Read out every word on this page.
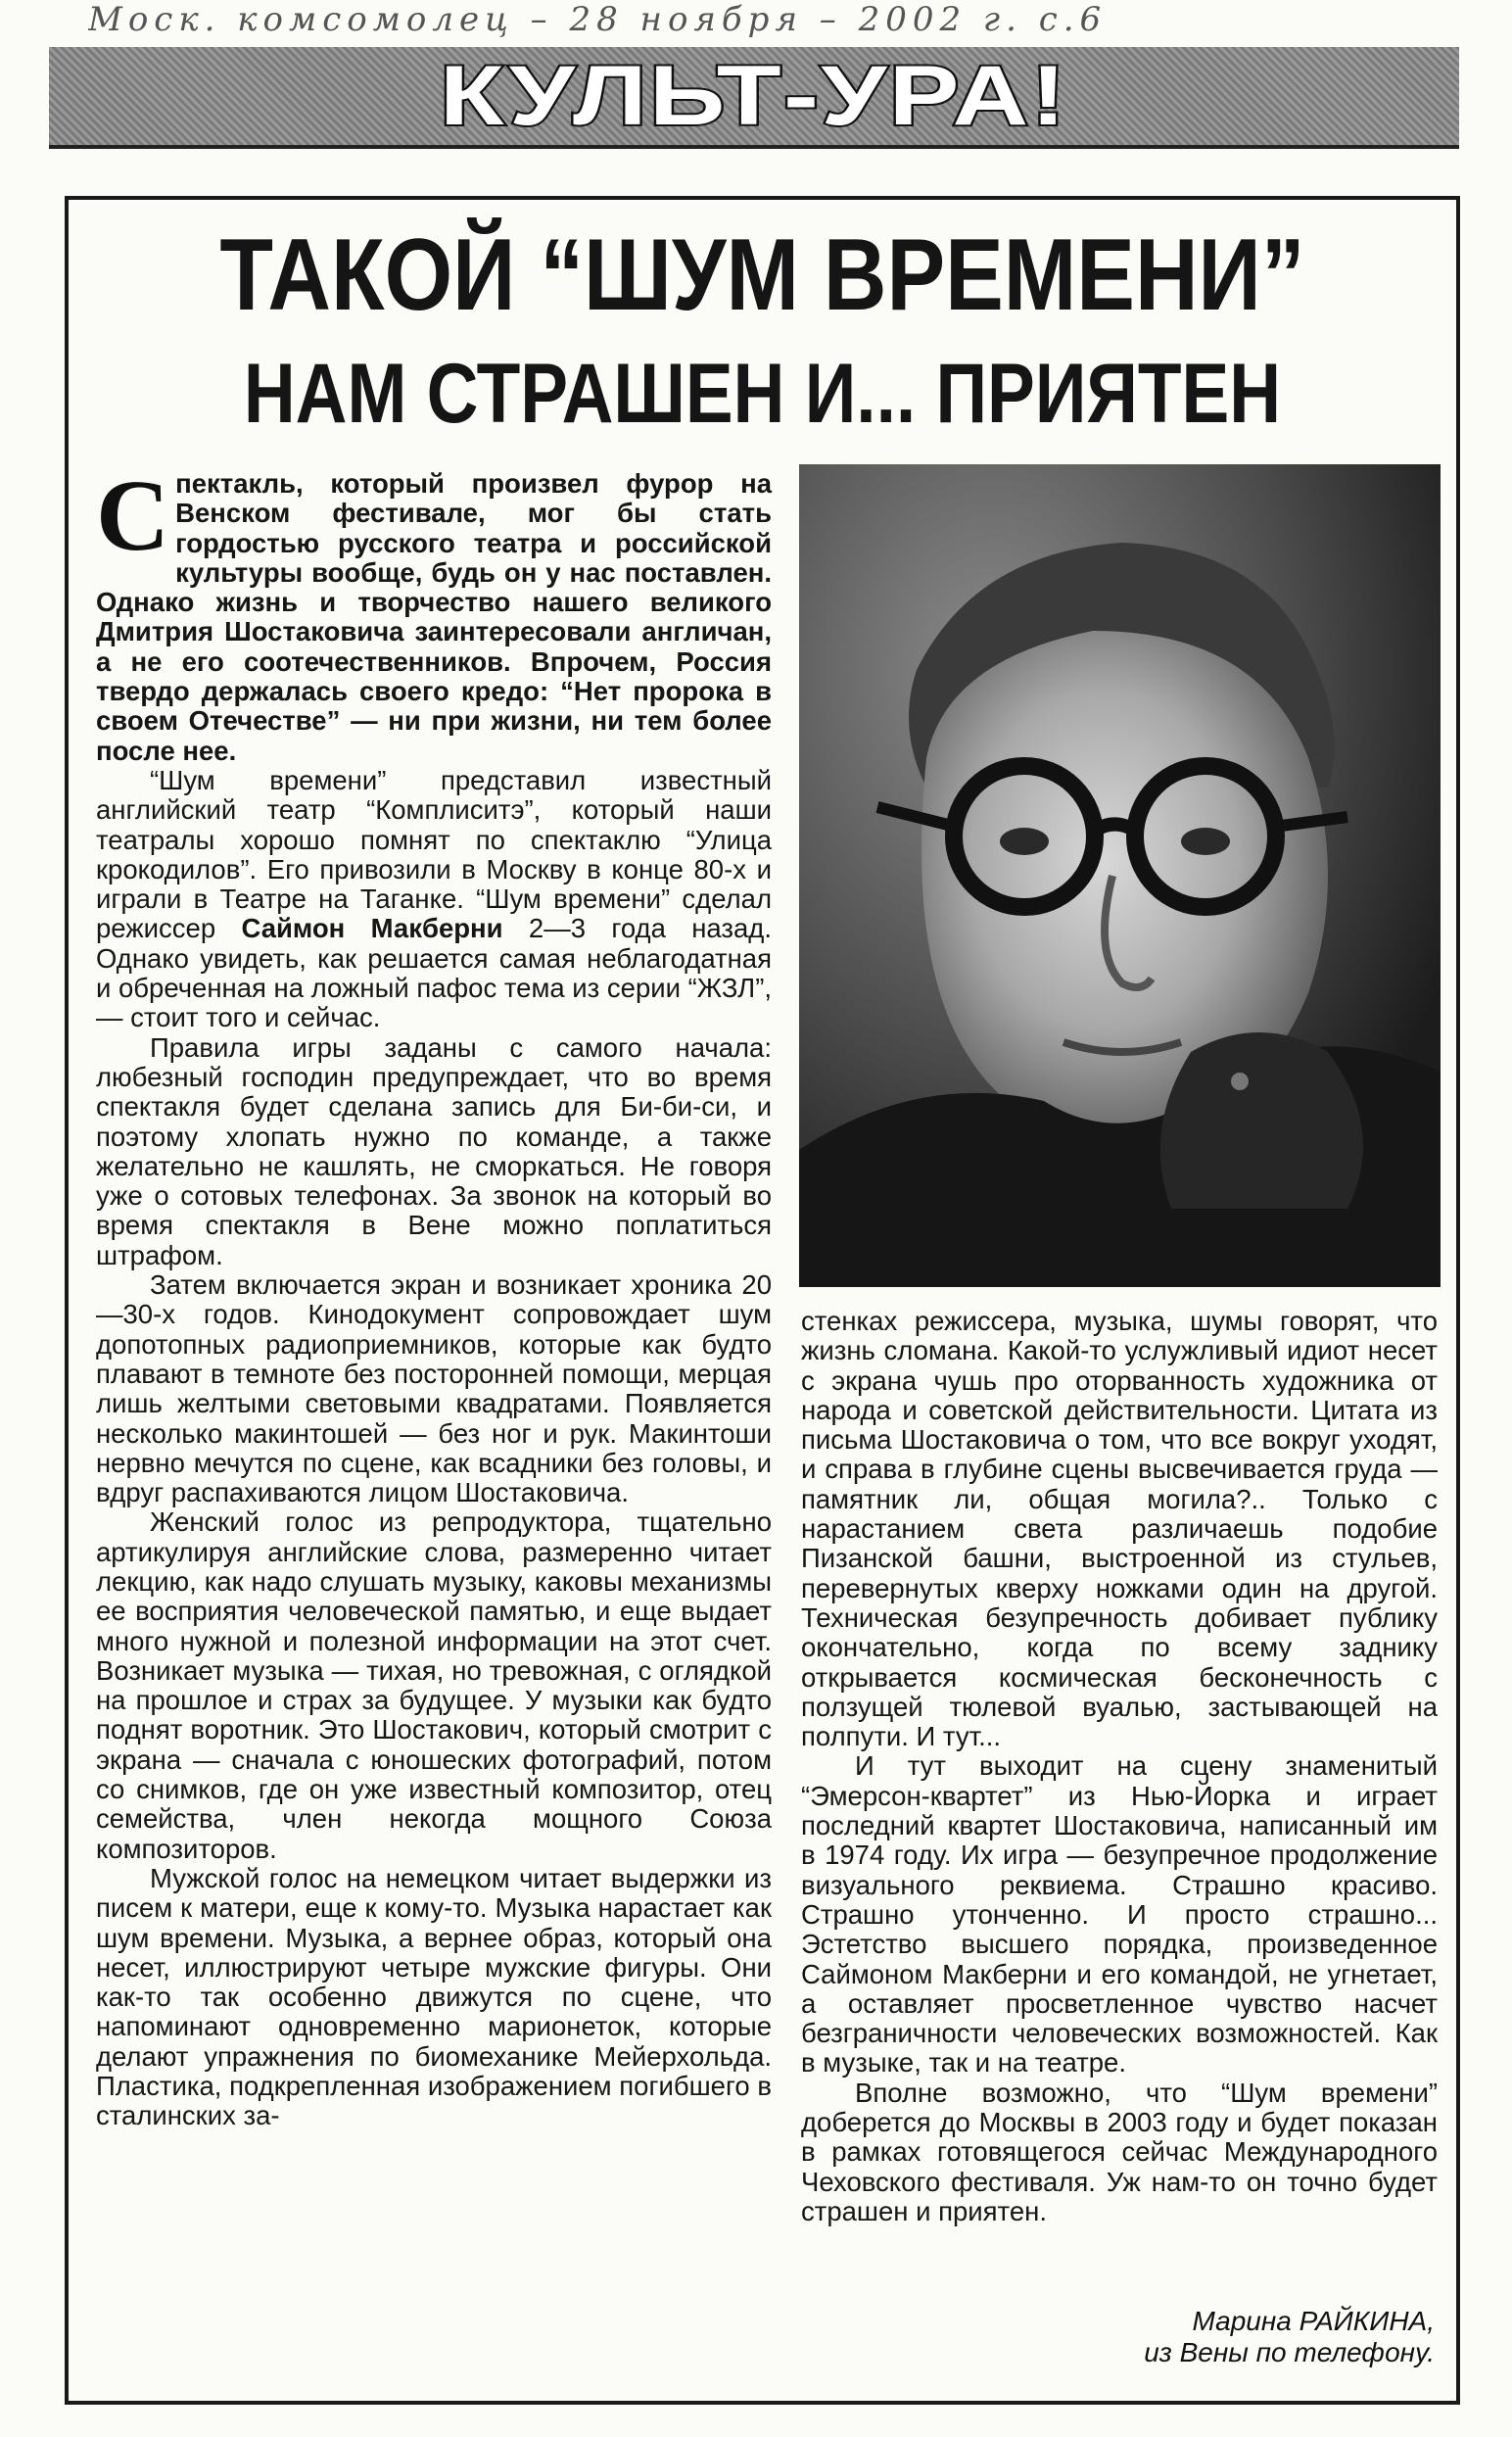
Моск. комсомолец – 28 ноября – 2002 г. с.6
КУЛЬТ-УРА!
ТАКОЙ “ШУМ ВРЕМЕНИ”
НАМ СТРАШЕН И... ПРИЯТЕН

Спектакль, который произвел фурор на Венском фестивале, мог бы стать гордостью русского театра и российской культуры вообще, будь он у нас поставлен. Однако жизнь и творчество нашего великого Дмитрия Шостаковича заинтересовали англичан, а не его соотечественников. Впрочем, Россия твердо держалась своего кредо: “Нет пророка в своем Отечестве” — ни при жизни, ни тем более после нее.

“Шум времени” представил известный английский театр “Комплиситэ”, который наши театралы хорошо помнят по спектаклю “Улица крокодилов”. Его привозили в Москву в конце 80-х и играли в Театре на Таганке. “Шум времени” сделал режиссер Саймон Макберни 2—3 года назад. Однако увидеть, как решается самая неблагодатная и обреченная на ложный пафос тема из серии “ЖЗЛ”, — стоит того и сейчас.

Правила игры заданы с самого начала: любезный господин предупреждает, что во время спектакля будет сделана запись для Би-би-си, и поэтому хлопать нужно по команде, а также желательно не кашлять, не сморкаться. Не говоря уже о сотовых телефонах. За звонок на который во время спектакля в Вене можно поплатиться штрафом.

Затем включается экран и возникает хроника 20—30-х годов. Кинодокумент сопровождает шум допотопных радиоприемников, которые как будто плавают в темноте без посторонней помощи, мерцая лишь желтыми световыми квадратами. Появляется несколько макинтошей — без ног и рук. Макинтоши нервно мечутся по сцене, как всадники без головы, и вдруг распахиваются лицом Шостаковича.

Женский голос из репродуктора, тщательно артикулируя английские слова, размеренно читает лекцию, как надо слушать музыку, каковы механизмы ее восприятия человеческой памятью, и еще выдает много нужной и полезной информации на этот счет. Возникает музыка — тихая, но тревожная, с оглядкой на прошлое и страх за будущее. У музыки как будто поднят воротник. Это Шостакович, который смотрит с экрана — сначала с юношеских фотографий, потом со снимков, где он уже известный композитор, отец семейства, член некогда мощного Союза композиторов.

Мужской голос на немецком читает выдержки из писем к матери, еще к кому-то. Музыка нарастает как шум времени. Музыка, а вернее образ, который она несет, иллюстрируют четыре мужские фигуры. Они как-то так особенно движутся по сцене, что напоминают одновременно марионеток, которые делают упражнения по биомеханике Мейерхольда. Пластика, подкрепленная изображением погибшего в сталинских за-

стенках режиссера, музыка, шумы говорят, что жизнь сломана. Какой-то услужливый идиот несет с экрана чушь про оторванность художника от народа и советской действительности. Цитата из письма Шостаковича о том, что все вокруг уходят, и справа в глубине сцены высвечивается груда — памятник ли, общая могила?.. Только с нарастанием света различаешь подобие Пизанской башни, выстроенной из стульев, перевернутых кверху ножками один на другой. Техническая безупречность добивает публику окончательно, когда по всему заднику открывается космическая бесконечность с ползущей тюлевой вуалью, застывающей на полпути. И тут...

И тут выходит на сцену знаменитый “Эмерсон-квартет” из Нью-Йорка и играет последний квартет Шостаковича, написанный им в 1974 году. Их игра — безупречное продолжение визуального реквиема. Страшно красиво. Страшно утонченно. И просто страшно... Эстетство высшего порядка, произведенное Саймоном Макберни и его командой, не угнетает, а оставляет просветленное чувство насчет безграничности человеческих возможностей. Как в музыке, так и на театре.

Вполне возможно, что “Шум времени” доберется до Москвы в 2003 году и будет показан в рамках готовящегося сейчас Международного Чеховского фестиваля. Уж нам-то он точно будет страшен и приятен.

Марина РАЙКИНА,
из Вены по телефону.
